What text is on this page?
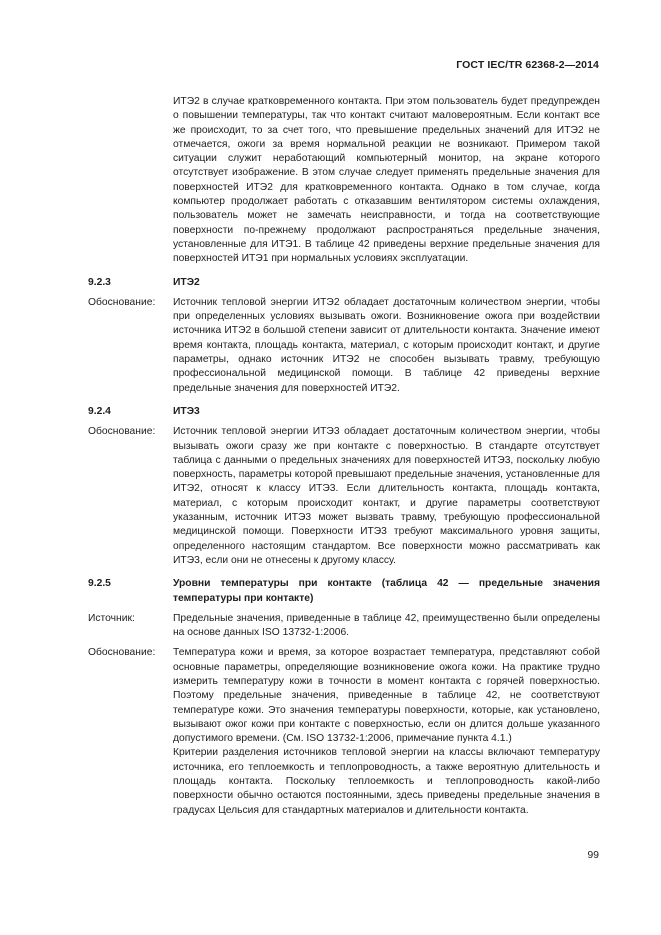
ГОСТ IEC/TR 62368-2—2014
ИТЭ2 в случае кратковременного контакта. При этом пользователь будет предупрежден о повышении температуры, так что контакт считают маловероятным. Если контакт все же происходит, то за счет того, что превышение предельных значений для ИТЭ2 не отмечается, ожоги за время нормальной реакции не возникают. Примером такой ситуации служит неработающий компьютерный монитор, на экране которого отсутствует изображение. В этом случае следует применять предельные значения для поверхностей ИТЭ2 для кратковременного контакта. Однако в том случае, когда компьютер продолжает работать с отказавшим вентилятором системы охлаждения, пользователь может не замечать неисправности, и тогда на соответствующие поверхности по-прежнему продолжают распространяться предельные значения, установленные для ИТЭ1. В таблице 42 приведены верхние предельные значения для поверхностей ИТЭ1 при нормальных условиях эксплуатации.
9.2.3	ИТЭ2
Обоснование:	Источник тепловой энергии ИТЭ2 обладает достаточным количеством энергии, чтобы при определенных условиях вызывать ожоги. Возникновение ожога при воздействии источника ИТЭ2 в большой степени зависит от длительности контакта. Значение имеют время контакта, площадь контакта, материал, с которым происходит контакт, и другие параметры, однако источник ИТЭ2 не способен вызывать травму, требующую профессиональной медицинской помощи. В таблице 42 приведены верхние предельные значения для поверхностей ИТЭ2.
9.2.4	ИТЭ3
Обоснование:	Источник тепловой энергии ИТЭ3 обладает достаточным количеством энергии, чтобы вызывать ожоги сразу же при контакте с поверхностью. В стандарте отсутствует таблица с данными о предельных значениях для поверхностей ИТЭ3, поскольку любую поверхность, параметры которой превышают предельные значения, установленные для ИТЭ2, относят к классу ИТЭ3. Если длительность контакта, площадь контакта, материал, с которым происходит контакт, и другие параметры соответствуют указанным, источник ИТЭ3 может вызвать травму, требующую профессиональной медицинской помощи. Поверхности ИТЭ3 требуют максимального уровня защиты, определенного настоящим стандартом. Все поверхности можно рассматривать как ИТЭ3, если они не отнесены к другому классу.
9.2.5	Уровни температуры при контакте (таблица 42 — предельные значения температуры при контакте)
Источник:	Предельные значения, приведенные в таблице 42, преимущественно были определены на основе данных ISO 13732-1:2006.
Обоснование:	Температура кожи и время, за которое возрастает температура, представляют собой основные параметры, определяющие возникновение ожога кожи. На практике трудно измерить температуру кожи в точности в момент контакта с горячей поверхностью. Поэтому предельные значения, приведенные в таблице 42, не соответствуют температуре кожи. Это значения температуры поверхности, которые, как установлено, вызывают ожог кожи при контакте с поверхностью, если он длится дольше указанного допустимого времени. (См. ISO 13732-1:2006, примечание пункта 4.1.)

Критерии разделения источников тепловой энергии на классы включают температуру источника, его теплоемкость и теплопроводность, а также вероятную длительность и площадь контакта. Поскольку теплоемкость и теплопроводность какой-либо поверхности обычно остаются постоянными, здесь приведены предельные значения в градусах Цельсия для стандартных материалов и длительности контакта.

99
